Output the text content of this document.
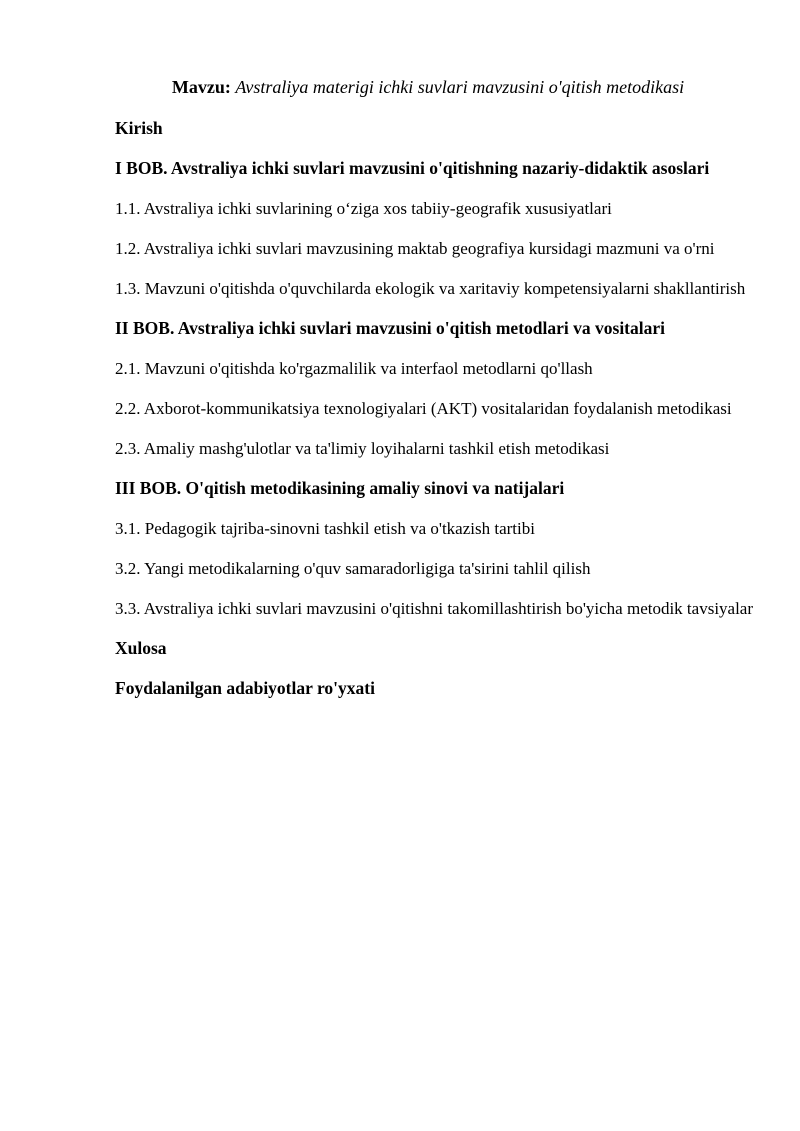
Mavzu: Avstraliya materigi ichki suvlari mavzusini o'qitish metodikasi
Kirish
I BOB. Avstraliya ichki suvlari mavzusini o'qitishning nazariy-didaktik asoslari
1.1. Avstraliya ichki suvlarining o‘ziga xos tabiiy-geografik xususiyatlari
1.2. Avstraliya ichki suvlari mavzusining maktab geografiya kursidagi mazmuni va o'rni
1.3. Mavzuni o'qitishda o'quvchilarda ekologik va xaritaviy kompetensiyalarni shakllantirish
II BOB. Avstraliya ichki suvlari mavzusini o'qitish metodlari va vositalari
2.1. Mavzuni o'qitishda ko'rgazmalilik va interfaol metodlarni qo'llash
2.2. Axborot-kommunikatsiya texnologiyalari (AKT) vositalaridan foydalanish metodikasi
2.3. Amaliy mashg'ulotlar va ta'limiy loyihalarni tashkil etish metodikasi
III BOB. O'qitish metodikasining amaliy sinovi va natijalari
3.1. Pedagogik tajriba-sinovni tashkil etish va o'tkazish tartibi
3.2. Yangi metodikalarning o'quv samaradorligiga ta'sirini tahlil qilish
3.3. Avstraliya ichki suvlari mavzusini o'qitishni takomillashtirish bo'yicha metodik tavsiyalar
Xulosa
Foydalanilgan adabiyotlar ro'yxati
